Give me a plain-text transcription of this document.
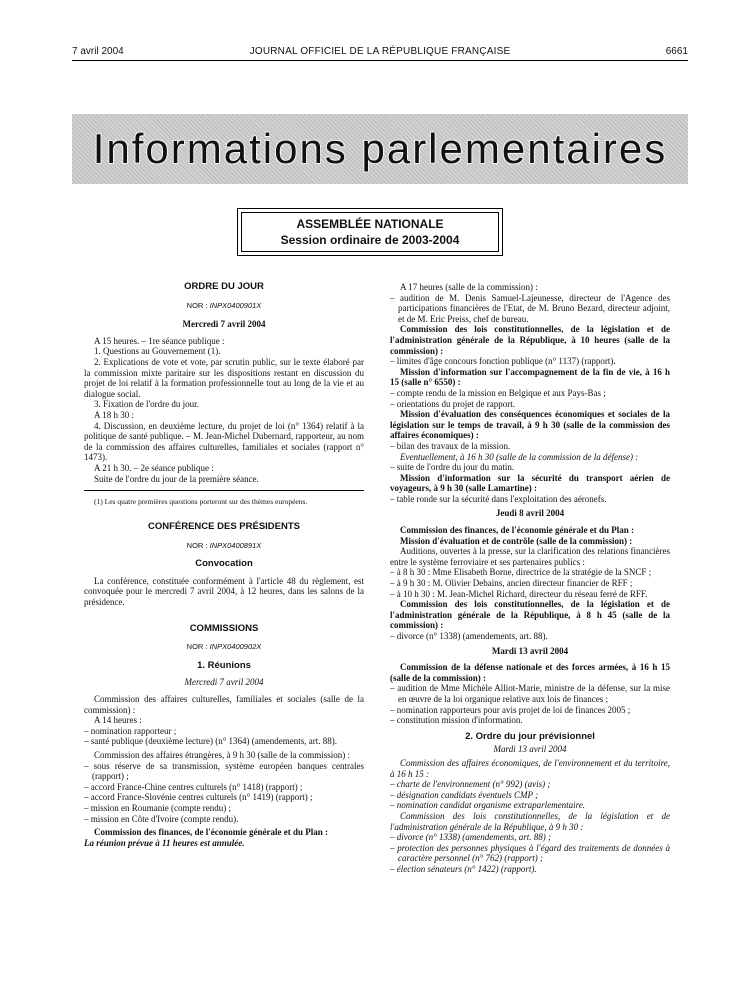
7 avril 2004	JOURNAL OFFICIEL DE LA RÉPUBLIQUE FRANÇAISE	6661
Informations parlementaires
ASSEMBLÉE NATIONALE
Session ordinaire de 2003-2004

ORDRE DU JOUR

NOR : INPX0400901X

Mercredi 7 avril 2004

A 15 heures. – 1re séance publique :

1. Questions au Gouvernement (1).

2. Explications de vote et vote, par scrutin public, sur le texte élaboré par la commission mixte paritaire sur les dispositions restant en discussion du projet de loi relatif à la formation professionnelle tout au long de la vie et au dialogue social.

3. Fixation de l'ordre du jour.

A 18 h 30 :

4. Discussion, en deuxième lecture, du projet de loi (n° 1364) relatif à la politique de santé publique. – M. Jean-Michel Dubernard, rapporteur, au nom de la commission des affaires culturelles, familiales et sociales (rapport n° 1473).

A 21 h 30. – 2e séance publique :

Suite de l'ordre du jour de la première séance.

(1) Les quatre premières questions porteront sur des thèmes européens.

CONFÉRENCE DES PRÉSIDENTS

NOR : INPX0400891X

Convocation

La conférence, constituée conformément à l'article 48 du règlement, est convoquée pour le mercredi 7 avril 2004, à 12 heures, dans les salons de la présidence.

COMMISSIONS

NOR : INPX0400902X

1. Réunions

Mercredi 7 avril 2004

Commission des affaires culturelles, familiales et sociales (salle de la commission) :

A 14 heures :

– nomination rapporteur ;

– santé publique (deuxième lecture) (n° 1364) (amendements, art. 88).

Commission des affaires étrangères, à 9 h 30 (salle de la commission) :

– sous réserve de sa transmission, système européen banques centrales (rapport) ;

– accord France-Chine centres culturels (n° 1418) (rapport) ;

– accord France-Slovénie centres culturels (n° 1419) (rapport) ;

– mission en Roumanie (compte rendu) ;

– mission en Côte d'Ivoire (compte rendu).

Commission des finances, de l'économie générale et du Plan :

La réunion prévue à 11 heures est annulée.

A 17 heures (salle de la commission) :

– audition de M. Denis Samuel-Lajeunesse, directeur de l'Agence des participations financières de l'Etat, de M. Bruno Bezard, directeur adjoint, et de M. Eric Preiss, chef de bureau.

Commission des lois constitutionnelles, de la législation et de l'administration générale de la République, à 10 heures (salle de la commission) :

– limites d'âge concours fonction publique (n° 1137) (rapport).

Mission d'information sur l'accompagnement de la fin de vie, à 16 h 15 (salle n° 6550) :

– compte rendu de la mission en Belgique et aux Pays-Bas ;

– orientations du projet de rapport.

Mission d'évaluation des conséquences économiques et sociales de la législation sur le temps de travail, à 9 h 30 (salle de la commission des affaires économiques) :

– bilan des travaux de la mission.

Eventuellement, à 16 h 30 (salle de la commission de la défense) :

– suite de l'ordre du jour du matin.

Mission d'information sur la sécurité du transport aérien de voyageurs, à 9 h 30 (salle Lamartine) :

– table ronde sur la sécurité dans l'exploitation des aéronefs.

Jeudi 8 avril 2004

Commission des finances, de l'économie générale et du Plan :

Mission d'évaluation et de contrôle (salle de la commission) :

Auditions, ouvertes à la presse, sur la clarification des relations financières entre le système ferroviaire et ses partenaires publics :

– à 8 h 30 : Mme Elisabeth Borne, directrice de la stratégie de la SNCF ;

– à 9 h 30 : M. Olivier Debains, ancien directeur financier de RFF ;

– à 10 h 30 : M. Jean-Michel Richard, directeur du réseau ferré de RFF.

Commission des lois constitutionnelles, de la législation et de l'administration générale de la République, à 8 h 45 (salle de la commission) :

– divorce (n° 1338) (amendements, art. 88).

Mardi 13 avril 2004

Commission de la défense nationale et des forces armées, à 16 h 15 (salle de la commission) :

– audition de Mme Michèle Alliot-Marie, ministre de la défense, sur la mise en œuvre de la loi organique relative aux lois de finances ;

– nomination rapporteurs pour avis projet de loi de finances 2005 ;

– constitution mission d'information.

2. Ordre du jour prévisionnel

Mardi 13 avril 2004

Commission des affaires économiques, de l'environnement et du territoire, à 16 h 15 :

– charte de l'environnement (n° 992) (avis) ;

– désignation candidats éventuels CMP ;

– nomination candidat organisme extraparlementaire.

Commission des lois constitutionnelles, de la législation et de l'administration générale de la République, à 9 h 30 :

– divorce (n° 1338) (amendements, art. 88) ;

– protection des personnes physiques à l'égard des traitements de données à caractère personnel (n° 762) (rapport) ;

– élection sénateurs (n° 1422) (rapport).
